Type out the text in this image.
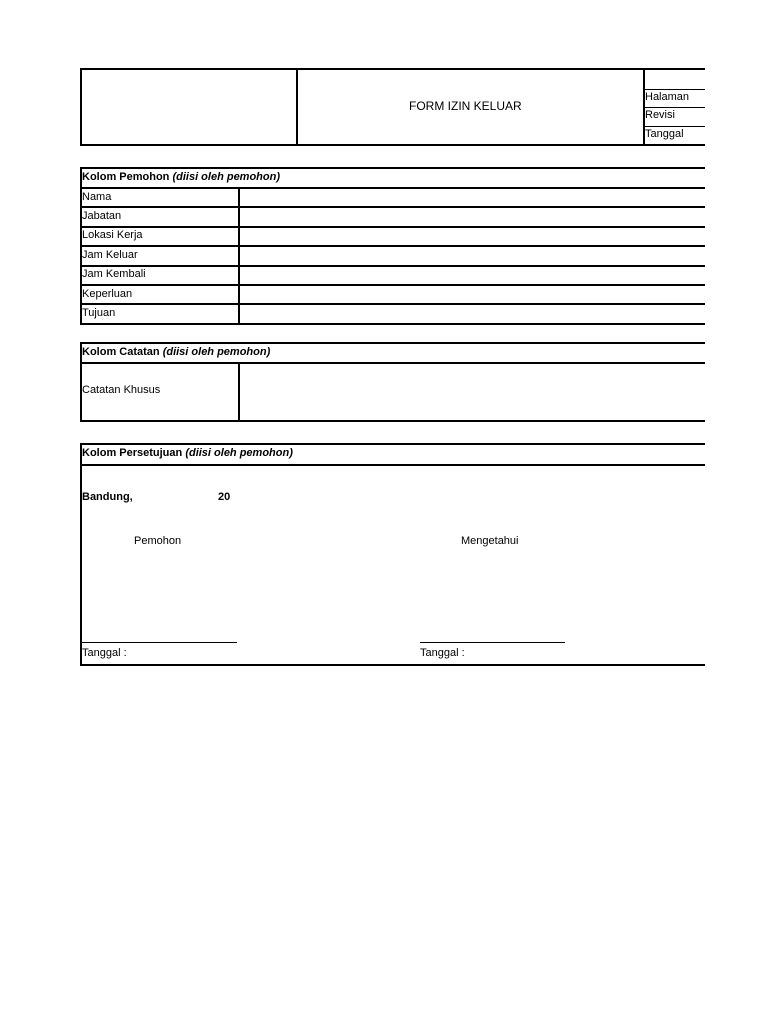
FORM IZIN KELUAR
Halaman
Revisi
Tanggal
Kolom Pemohon (diisi oleh pemohon)
Nama
Jabatan
Lokasi Kerja
Jam Keluar
Jam Kembali
Keperluan
Tujuan
Kolom Catatan (diisi oleh pemohon)
Catatan Khusus
Kolom Persetujuan (diisi oleh pemohon)
Bandung,	20
Pemohon	Mengetahui
Tanggal :	Tanggal :
